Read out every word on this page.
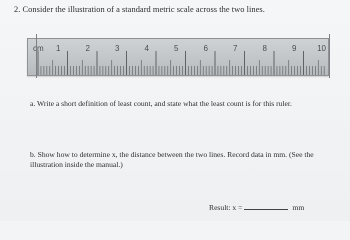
2. Consider the illustration of a standard metric scale across the two lines.
cm 1	2	3	4	5	6	7	8	9	10
a. Write a short definition of least count, and state what the least count is for this ruler.
b. Show how to determine x, the distance between the two lines. Record data in mm. (See the illustration inside the manual.)
Result: x =	mm
